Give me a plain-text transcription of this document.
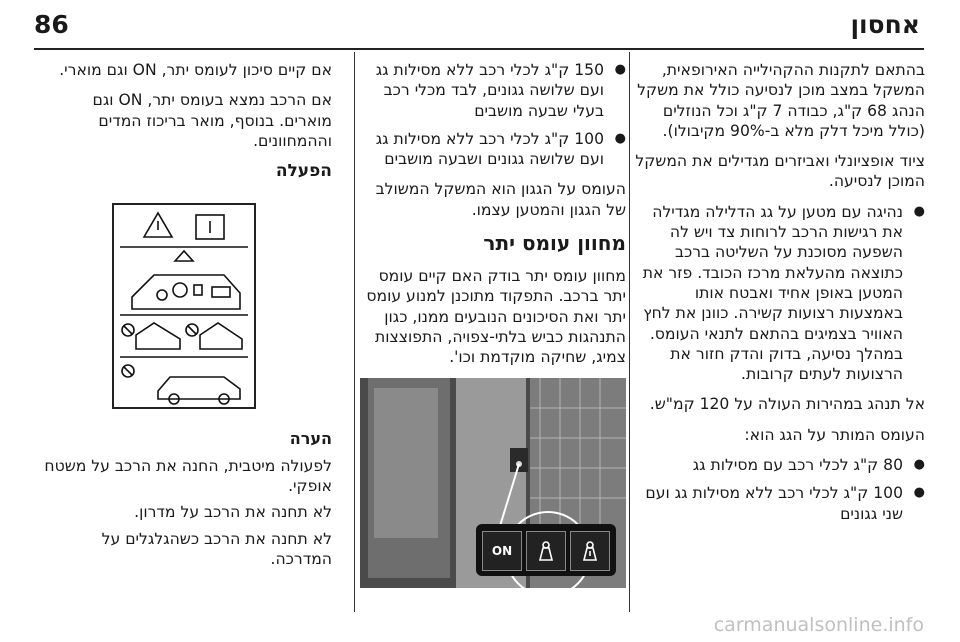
86	אחסון

בהתאם לתקנות ההקהילייה האירופאית, המשקל במצב מוכן לנסיעה כולל את משקל הנהג 68 ק"ג, כבודה 7 ק"ג וכל הנוזלים (כולל מיכל דלק מלא ב-90% מקיבולו).

ציוד אופציונלי ואביזרים מגדילים את המשקל המוכן לנסיעה.

● נהיגה עם מטען על גג הדלילה מגדילה את רגישות הרכב לרוחות צד ויש לה השפעה מסוכנת על השליטה ברכב כתוצאה מהעלאת מרכז הכובד. פזר את המטען באופן אחיד ואבטח אותו באמצעות רצועות קשירה. כוונן את לחץ האוויר בצמיגים בהתאם לתנאי העומס. במהלך נסיעה, בדוק והדק חזור את הרצועות לעתים קרובות.

אל תנהג במהירות העולה על 120 קמ"ש.

העומס המותר על הגג הוא:

● 80 ק"ג לכלי רכב עם מסילות גג
● 100 ק"ג לכלי רכב ללא מסילות גג ועם שני גגונים
● 150 ק"ג לכלי רכב ללא מסילות גג ועם שלושה גגונים, לבד מכלי רכב בעלי שבעה מושבים
● 100 ק"ג לכלי רכב ללא מסילות גג ועם שלושה גגונים ושבעה מושבים

העומס על הגגון הוא המשקל המשולב של הגגון והמטען עצמו.

מחוון עומס יתר

מחוון עומס יתר בודק האם קיים עומס יתר ברכב. התפקוד מתוכנן למנוע עומס יתר ואת הסיכונים הנובעים ממנו, כגון התנהגות כביש בלתי-צפויה, התפוצצות צמיג, שחיקה מוקדמת וכו'.

ON

אם קיים סיכון לעומס יתר, ON וגם מוארי.

אם הרכב נמצא בעומס יתר, ON וגם מוארים. בנוסף, מואר בריכוז המדים וההמחוונים.

הפעלה
הערה

לפעולה מיטבית, החנה את הרכב על משטח אופקי.

לא תחנה את הרכב על מדרון.

לא תחנה את הרכב כשהגלגלים על המדרכה.

carmanualsonline.info
